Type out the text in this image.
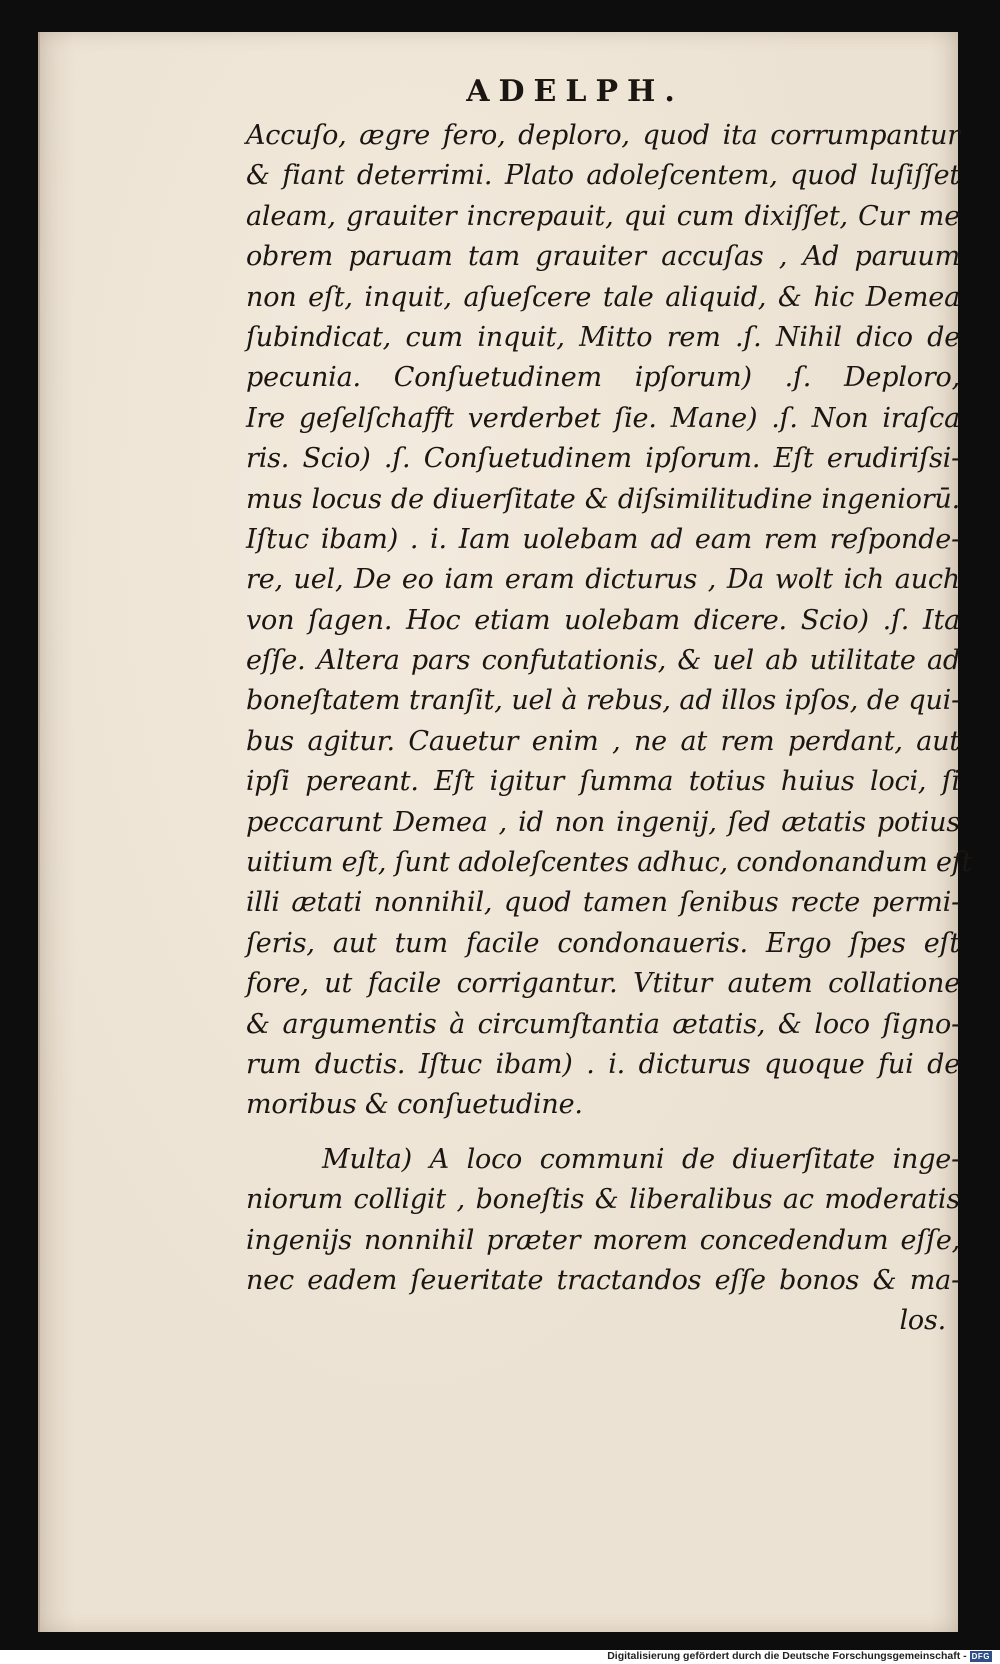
ADELPH.
Accuſo, ægre fero, deploro, quod ita corrumpantur
& fiant deterrimi. Plato adoleſcentem, quod luſiſſet
aleam, grauiter increpauit, qui cum dixiſſet, Cur me
obrem paruam tam grauiter accuſas , Ad paruum
non eſt, inquit, aſueſcere tale aliquid, & hic Demea
ſubindicat, cum inquit, Mitto rem .ſ. Nihil dico de
pecunia. Conſuetudinem ipſorum) .ſ. Deploro,
Ire geſelſchafft verderbet ſie. Mane) .ſ. Non iraſca
ris. Scio) .ſ. Conſuetudinem ipſorum. Eſt erudiriſsi-
mus locus de diuerſitate & diſsimilitudine ingeniorū.
Iſtuc ibam) . i. Iam uolebam ad eam rem reſponde-
re, uel, De eo iam eram dicturus , Da wolt ich auch
von ſagen. Hoc etiam uolebam dicere. Scio) .ſ. Ita
eſſe. Altera pars confutationis, & uel ab utilitate ad
boneſtatem tranſit, uel à rebus, ad illos ipſos, de qui-
bus agitur. Cauetur enim , ne at rem perdant, aut
ipſi pereant. Eſt igitur ſumma totius huius loci, ſi
peccarunt Demea , id non ingenij, ſed ætatis potius
uitium eſt, ſunt adoleſcentes adhuc, condonandum eſt
illi ætati nonnihil, quod tamen ſenibus recte permi-
ſeris, aut tum facile condonaueris. Ergo ſpes eſt
fore, ut facile corrigantur. Vtitur autem collatione
& argumentis à circumſtantia ætatis, & loco ſigno-
rum ductis. Iſtuc ibam) . i. dicturus quoque fui de
moribus & conſuetudine.
Multa) A loco communi de diuerſitate inge-
niorum colligit , boneſtis & liberalibus ac moderatis
ingenijs nonnihil præter morem concedendum eſſe,
nec eadem ſeueritate tractandos eſſe bonos & ma-
los.
Digitalisierung gefördert durch die Deutsche Forschungsgemeinschaft - DFG
